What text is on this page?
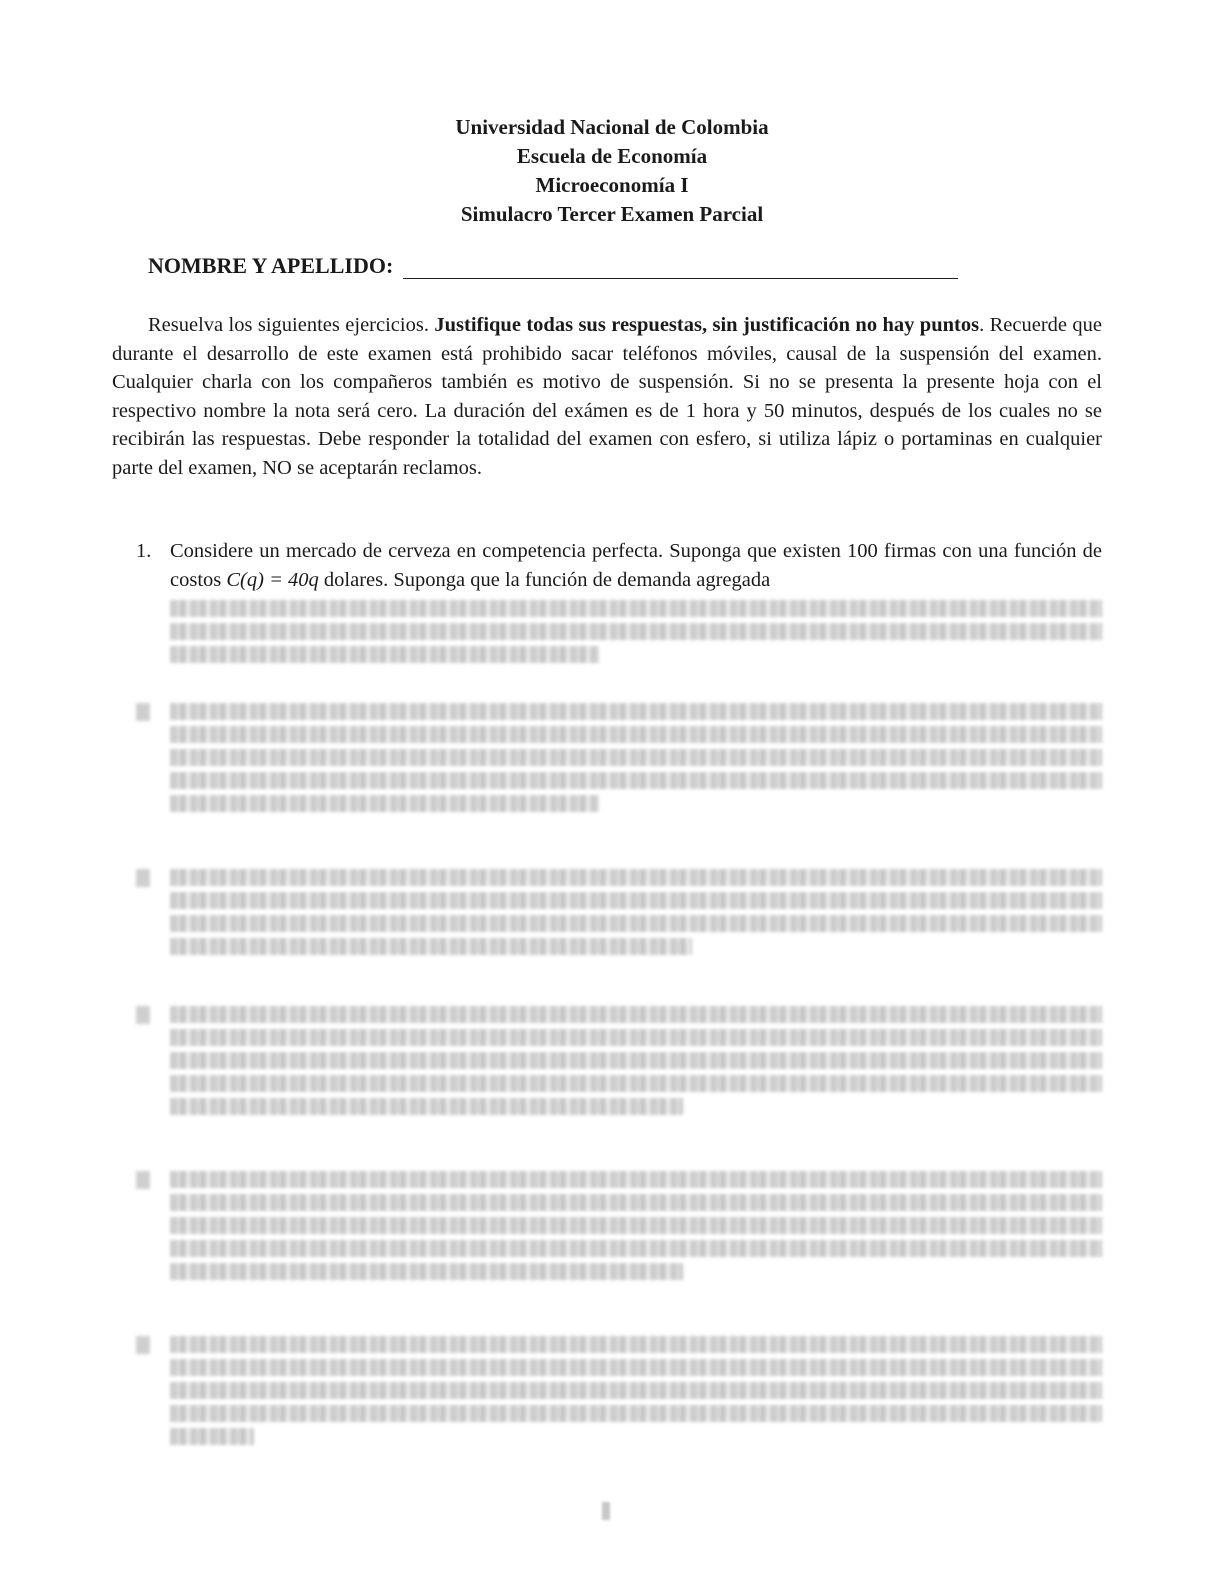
Universidad Nacional de Colombia
Escuela de Economía
Microeconomía I
Simulacro Tercer Examen Parcial
NOMBRE Y APELLIDO:
Resuelva los siguientes ejercicios. Justifique todas sus respuestas, sin justificación no hay puntos. Recuerde que durante el desarrollo de este examen está prohibido sacar teléfonos móviles, causal de la suspensión del examen. Cualquier charla con los compañeros también es motivo de suspensión. Si no se presenta la presente hoja con el respectivo nombre la nota será cero. La duración del exámen es de 1 hora y 50 minutos, después de los cuales no se recibirán las respuestas. Debe responder la totalidad del examen con esfero, si utiliza lápiz o portaminas en cualquier parte del examen, NO se aceptarán reclamos.
1. Considere un mercado de cerveza en competencia perfecta. Suponga que existen 100 firmas con una función de costos C(q) = 40q dolares. Suponga que la función de demanda agregada
